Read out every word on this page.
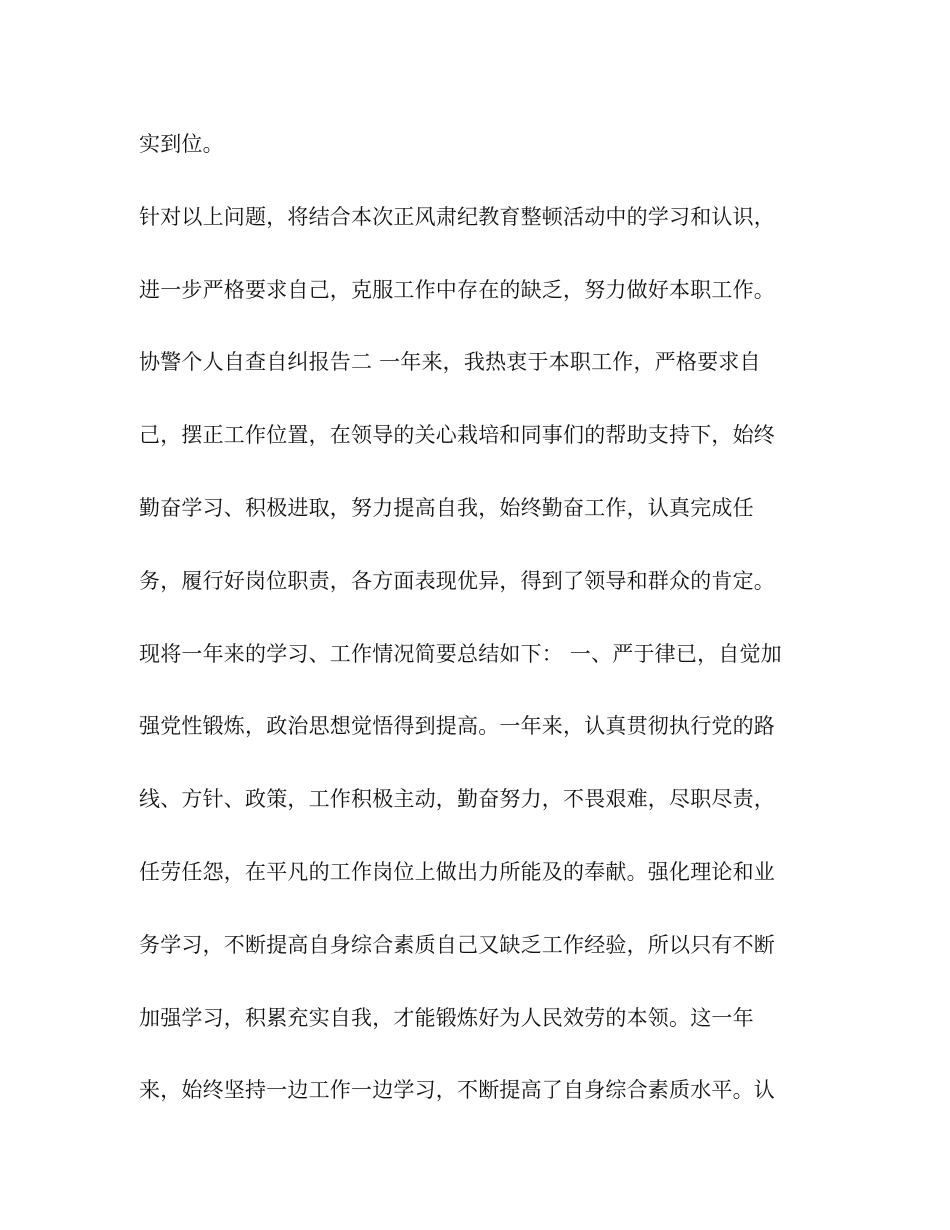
实到位。
针对以上问题，将结合本次正风肃纪教育整顿活动中的学习和认识，
进一步严格要求自己，克服工作中存在的缺乏，努力做好本职工作。
协警个人自查自纠报告二 一年来，我热衷于本职工作，严格要求自
己，摆正工作位置，在领导的关心栽培和同事们的帮助支持下，始终
勤奋学习、积极进取，努力提高自我，始终勤奋工作，认真完成任
务，履行好岗位职责，各方面表现优异，得到了领导和群众的肯定。
现将一年来的学习、工作情况简要总结如下： 一、严于律已，自觉加
强党性锻炼，政治思想觉悟得到提高。一年来，认真贯彻执行党的路
线、方针、政策，工作积极主动，勤奋努力，不畏艰难，尽职尽责，
任劳任怨，在平凡的工作岗位上做出力所能及的奉献。强化理论和业
务学习，不断提高自身综合素质自己又缺乏工作经验，所以只有不断
加强学习，积累充实自我，才能锻炼好为人民效劳的本领。这一年
来，始终坚持一边工作一边学习，不断提高了自身综合素质水平。认
